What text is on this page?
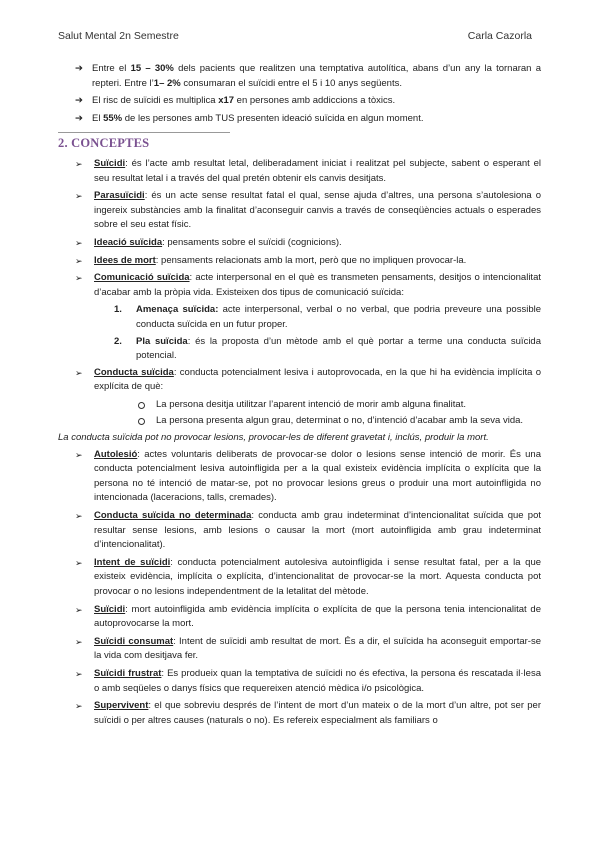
Salut Mental 2n Semestre	Carla Cazorla
➔ Entre el 15 – 30% dels pacients que realitzen una temptativa autolítica, abans d’un any la tornaran a repteri. Entre l’1– 2% consumaran el suïcidi entre el 5 i 10 anys següents.
➔ El risc de suïcidi es multiplica x17 en persones amb addiccions a tòxics.
➔ El 55% de les persones amb TUS presenten ideació suïcida en algun moment.
2. CONCEPTES
➢ Suïcidi: és l’acte amb resultat letal, deliberadament iniciat i realitzat pel subjecte, sabent o esperant el seu resultat letal i a través del qual pretén obtenir els canvis desitjats.
➢ Parasuïcidi: és un acte sense resultat fatal el qual, sense ajuda d’altres, una persona s’autolesiona o ingereix substàncies amb la finalitat d’aconseguir canvis a través de conseqüències actuals o esperades sobre el seu estat físic.
➢ Ideació suïcida: pensaments sobre el suïcidi (cognicions).
➢ Idees de mort: pensaments relacionats amb la mort, però que no impliquen provocar-la.
➢ Comunicació suïcida: acte interpersonal en el què es transmeten pensaments, desitjos o intencionalitat d’acabar amb la pròpia vida. Existeixen dos tipus de comunicació suïcida:
1. Amenaça suïcida: acte interpersonal, verbal o no verbal, que podria preveure una possible conducta suïcida en un futur proper.
2. Pla suïcida: és la proposta d’un mètode amb el què portar a terme una conducta suïcida potencial.
➢ Conducta suïcida: conducta potencialment lesiva i autoprovocada, en la que hi ha evidència implícita o explícita de què:
La persona desitja utilitzar l’aparent intenció de morir amb alguna finalitat.
La persona presenta algun grau, determinat o no, d’intenció d’acabar amb la seva vida.
La conducta suïcida pot no provocar lesions, provocar-les de diferent gravetat i, inclús, produir la mort.
➢ Autolesió: actes voluntaris deliberats de provocar-se dolor o lesions sense intenció de morir. És una conducta potencialment lesiva autoinfligida per a la qual existeix evidència implícita o explícita que la persona no té intenció de matar-se, pot no provocar lesions greus o produir una mort autoinfligida no intencionada (laceracions, talls, cremades).
➢ Conducta suïcida no determinada: conducta amb grau indeterminat d’intencionalitat suïcida que pot resultar sense lesions, amb lesions o causar la mort (mort autoinfligida amb grau indeterminat d’intencionalitat).
➢ Intent de suïcidi: conducta potencialment autolesiva autoinfligida i sense resultat fatal, per a la que existeix evidència, implícita o explícita, d’intencionalitat de provocar-se la mort. Aquesta conducta pot provocar o no lesions independentment de la letalitat del mètode.
➢ Suïcidi: mort autoinfligida amb evidència implícita o explícita de que la persona tenia intencionalitat de autoprovocarse la mort.
➢ Suïcidi consumat: Intent de suïcidi amb resultat de mort. És a dir, el suïcida ha aconseguit emportar-se la vida com desitjava fer.
➢ Suïcidi frustrat: Es produeix quan la temptativa de suïcidi no és efectiva, la persona és rescatada il·lesa o amb seqüeles o danys físics que requereixen atenció mèdica i/o psicològica.
➢ Supervivent: el que sobreviu després de l’intent de mort d’un mateix o de la mort d’un altre, pot ser per suïcidi o per altres causes (naturals o no). Es refereix especialment als familiars o
